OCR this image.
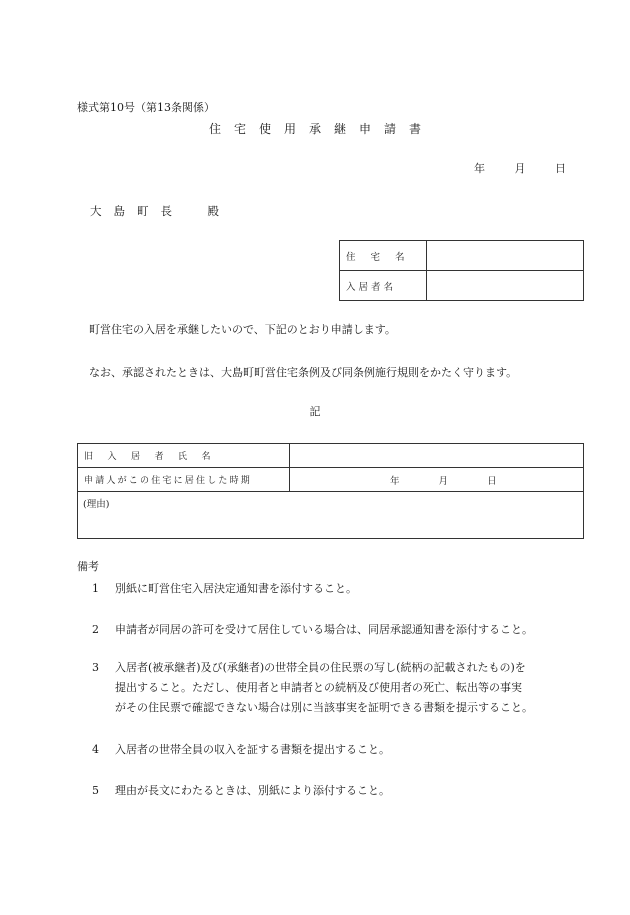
様式第10号（第13条関係）
住宅使用承継申請書
年	月	日
大島町長　殿
住宅名	
入居者名	
町営住宅の入居を承継したいので、下記のとおり申請します。
なお、承認されたときは、大島町町営住宅条例及び同条例施行規則をかたく守ります。
記
旧入居者氏名	
申請人がこの住宅に居住した時期	年 月 日
(理由)	
備考
1 別紙に町営住宅入居決定通知書を添付すること。
2 申請者が同居の許可を受けて居住している場合は、同居承認通知書を添付すること。
3 入居者(被承継者)及び(承継者)の世帯全員の住民票の写し(続柄の記載されたもの)を
提出すること。ただし、使用者と申請者との続柄及び使用者の死亡、転出等の事実
がその住民票で確認できない場合は別に当該事実を証明できる書類を提示すること。
4 入居者の世帯全員の収入を証する書類を提出すること。
5 理由が長文にわたるときは、別紙により添付すること。
